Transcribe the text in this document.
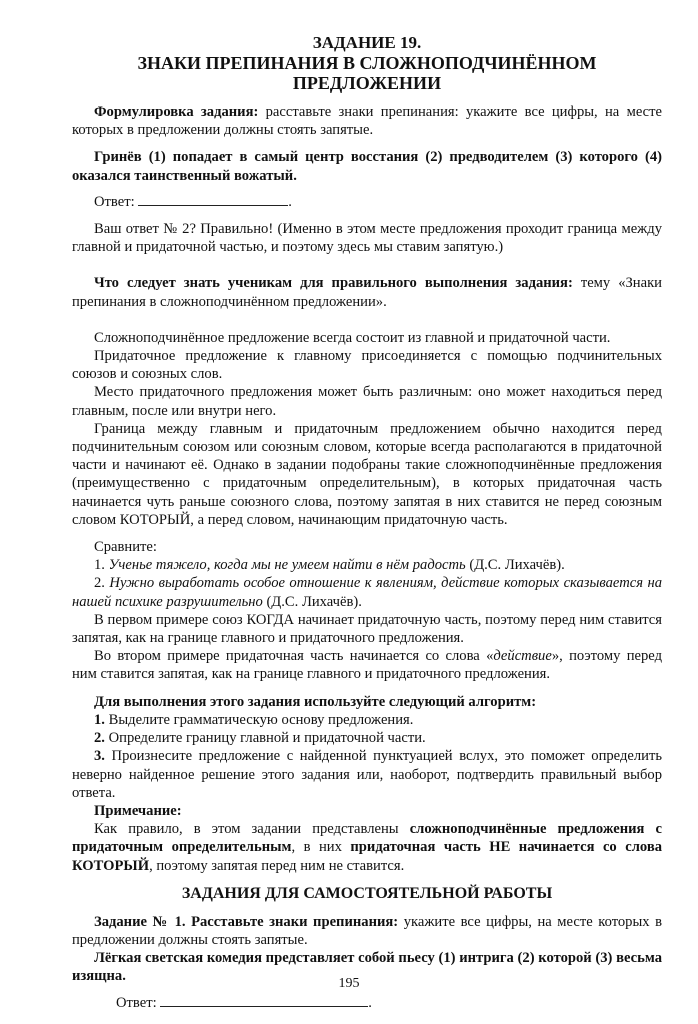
ЗАДАНИЕ 19.
ЗНАКИ ПРЕПИНАНИЯ В СЛОЖНОПОДЧИНЁННОМ ПРЕДЛОЖЕНИИ

Формулировка задания: расставьте знаки препинания: укажите все цифры, на месте которых в предложении должны стоять запятые.

Гринёв (1) попадает в самый центр восстания (2) предводителем (3) которого (4) оказался таинственный вожатый.

Ответ:	.

Ваш ответ № 2? Правильно! (Именно в этом месте предложения проходит граница между главной и придаточной частью, и поэтому здесь мы ставим запятую.)

Что следует знать ученикам для правильного выполнения задания: тему «Знаки препинания в сложноподчинённом предложении».

Сложноподчинённое предложение всегда состоит из главной и придаточной части.

Придаточное предложение к главному присоединяется с помощью подчинительных союзов и союзных слов.

Место придаточного предложения может быть различным: оно может находиться перед главным, после или внутри него.

Граница между главным и придаточным предложением обычно находится перед подчинительным союзом или союзным словом, которые всегда располагаются в придаточной части и начинают её. Однако в задании подобраны такие сложноподчинённые предложения (преимущественно с придаточным определительным), в которых придаточная часть начинается чуть раньше союзного слова, поэтому запятая в них ставится не перед союзным словом КОТОРЫЙ, а перед словом, начинающим придаточную часть.

Сравните:

1. Ученье тяжело, когда мы не умеем найти в нём радость (Д.С. Лихачёв).

2. Нужно выработать особое отношение к явлениям, действие которых сказывается на нашей психике разрушительно (Д.С. Лихачёв).

В первом примере союз КОГДА начинает придаточную часть, поэтому перед ним ставится запятая, как на границе главного и придаточного предложения.

Во втором примере придаточная часть начинается со слова «действие», поэтому перед ним ставится запятая, как на границе главного и придаточного предложения.

Для выполнения этого задания используйте следующий алгоритм:

1. Выделите грамматическую основу предложения.

2. Определите границу главной и придаточной части.

3. Произнесите предложение с найденной пунктуацией вслух, это поможет определить неверно найденное решение этого задания или, наоборот, подтвердить правильный выбор ответа.

Примечание:

Как правило, в этом задании представлены сложноподчинённые предложения с придаточным определительным, в них придаточная часть НЕ начинается со слова КОТОРЫЙ, поэтому запятая перед ним не ставится.

ЗАДАНИЯ ДЛЯ САМОСТОЯТЕЛЬНОЙ РАБОТЫ

Задание № 1. Расставьте знаки препинания: укажите все цифры, на месте которых в предложении должны стоять запятые.

Лёгкая светская комедия представляет собой пьесу (1) интрига (2) которой (3) весьма изящна.

Ответ:	.
195
